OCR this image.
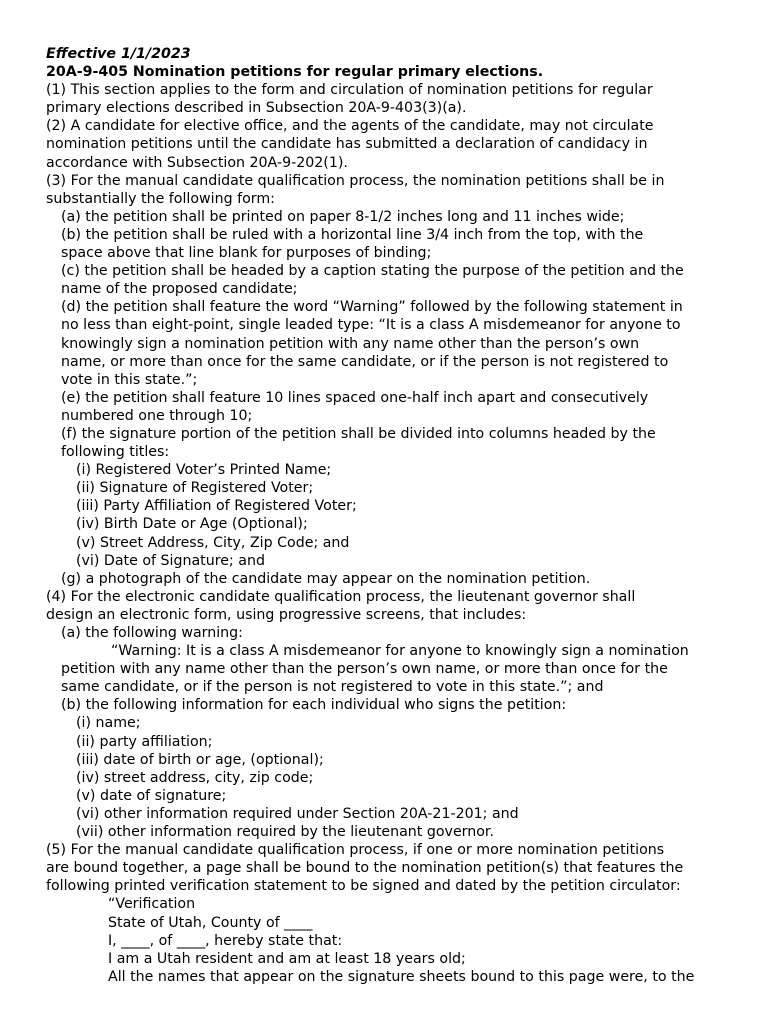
Effective 1/1/2023
20A-9-405 Nomination petitions for regular primary elections.
(1) This section applies to the form and circulation of nomination petitions for regular
primary elections described in Subsection 20A-9-403(3)(a).
(2) A candidate for elective office, and the agents of the candidate, may not circulate
nomination petitions until the candidate has submitted a declaration of candidacy in
accordance with Subsection 20A-9-202(1).
(3) For the manual candidate qualification process, the nomination petitions shall be in
substantially the following form:
(a) the petition shall be printed on paper 8-1/2 inches long and 11 inches wide;
(b) the petition shall be ruled with a horizontal line 3/4 inch from the top, with the
space above that line blank for purposes of binding;
(c) the petition shall be headed by a caption stating the purpose of the petition and the
name of the proposed candidate;
(d) the petition shall feature the word “Warning” followed by the following statement in
no less than eight-point, single leaded type: “It is a class A misdemeanor for anyone to
knowingly sign a nomination petition with any name other than the person’s own
name, or more than once for the same candidate, or if the person is not registered to
vote in this state.”;
(e) the petition shall feature 10 lines spaced one-half inch apart and consecutively
numbered one through 10;
(f) the signature portion of the petition shall be divided into columns headed by the
following titles:
(i) Registered Voter’s Printed Name;
(ii) Signature of Registered Voter;
(iii) Party Affiliation of Registered Voter;
(iv) Birth Date or Age (Optional);
(v) Street Address, City, Zip Code; and
(vi) Date of Signature; and
(g) a photograph of the candidate may appear on the nomination petition.
(4) For the electronic candidate qualification process, the lieutenant governor shall
design an electronic form, using progressive screens, that includes:
(a) the following warning:
“Warning: It is a class A misdemeanor for anyone to knowingly sign a nomination
petition with any name other than the person’s own name, or more than once for the
same candidate, or if the person is not registered to vote in this state.”; and
(b) the following information for each individual who signs the petition:
(i) name;
(ii) party affiliation;
(iii) date of birth or age, (optional);
(iv) street address, city, zip code;
(v) date of signature;
(vi) other information required under Section 20A-21-201; and
(vii) other information required by the lieutenant governor.
(5) For the manual candidate qualification process, if one or more nomination petitions
are bound together, a page shall be bound to the nomination petition(s) that features the
following printed verification statement to be signed and dated by the petition circulator:
“Verification
State of Utah, County of ____
I, ____, of ____, hereby state that:
I am a Utah resident and am at least 18 years old;
All the names that appear on the signature sheets bound to this page were, to the
